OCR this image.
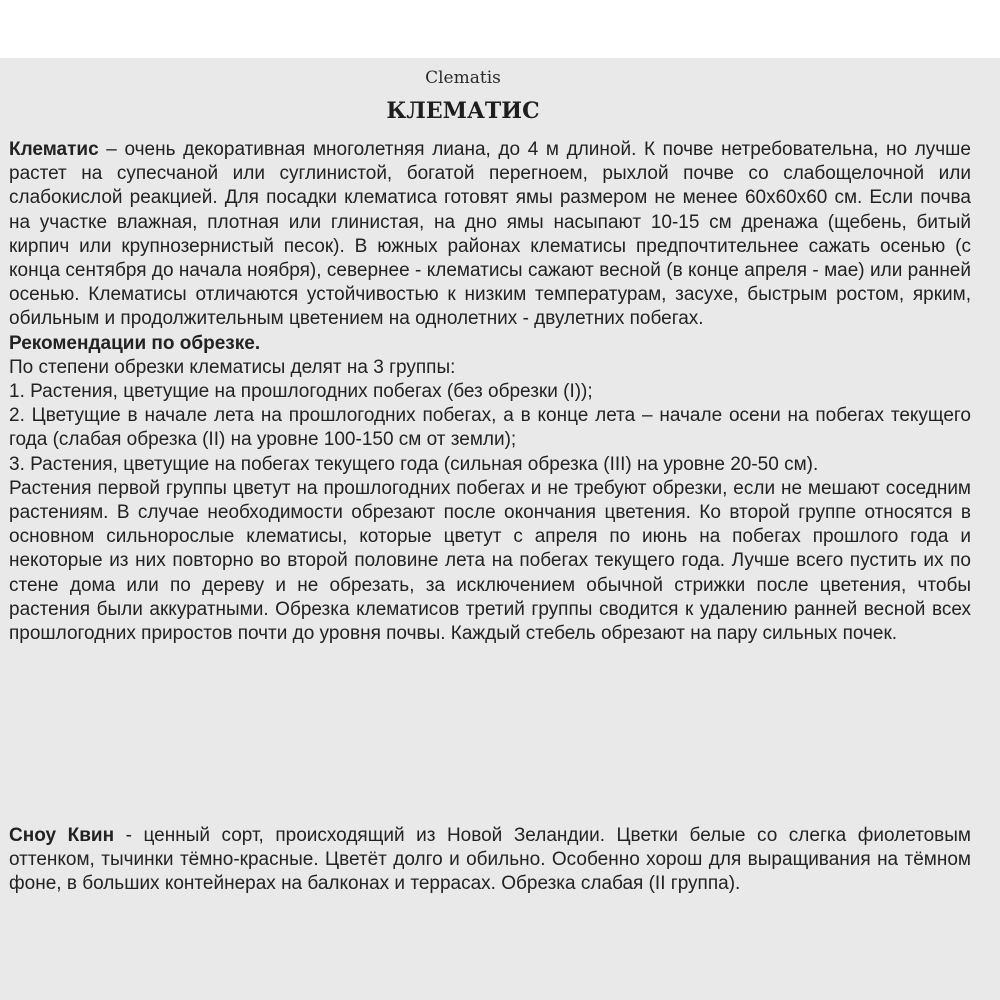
Clematis
КЛЕМАТИС

Клематис – очень декоративная многолетняя лиана, до 4 м длиной. К почве нетребовательна, но лучше растет на супесчаной или суглинистой, богатой перегноем, рыхлой почве со слабощелочной или слабокислой реакцией. Для посадки клематиса готовят ямы размером не менее 60х60х60 см. Если почва на участке влажная, плотная или глинистая, на дно ямы насыпают 10-15 см дренажа (щебень, битый кирпич или крупнозернистый песок). В южных районах клематисы предпочтительнее сажать осенью (с конца сентября до начала ноября), севернее - клематисы сажают весной (в конце апреля - мае) или ранней осенью. Клематисы отличаются устойчивостью к низким температурам, засухе, быстрым ростом, ярким, обильным и продолжительным цветением на однолетних - двулетних побегах.

Рекомендации по обрезке.

По степени обрезки клематисы делят на 3 группы:

1. Растения, цветущие на прошлогодних побегах (без обрезки (I));

2. Цветущие в начале лета на прошлогодних побегах, а в конце лета – начале осени на побегах текущего года (слабая обрезка (II) на уровне 100-150 см от земли);

3. Растения, цветущие на побегах текущего года (сильная обрезка (III) на уровне 20-50 см).

Растения первой группы цветут на прошлогодних побегах и не требуют обрезки, если не мешают соседним растениям. В случае необходимости обрезают после окончания цветения. Ко второй группе относятся в основном сильнорослые клематисы, которые цветут с апреля по июнь на побегах прошлого года и некоторые из них повторно во второй половине лета на побегах текущего года. Лучше всего пустить их по стене дома или по дереву и не обрезать, за исключением обычной стрижки после цветения, чтобы растения были аккуратными. Обрезка клематисов третий группы сводится к удалению ранней весной всех прошлогодних приростов почти до уровня почвы. Каждый стебель обрезают на пару сильных почек.

Сноу Квин - ценный сорт, происходящий из Новой Зеландии. Цветки белые со слегка фиолетовым оттенком, тычинки тёмно-красные. Цветёт долго и обильно. Особенно хорош для выращивания на тёмном фоне, в больших контейнерах на балконах и террасах. Обрезка слабая (II группа).
